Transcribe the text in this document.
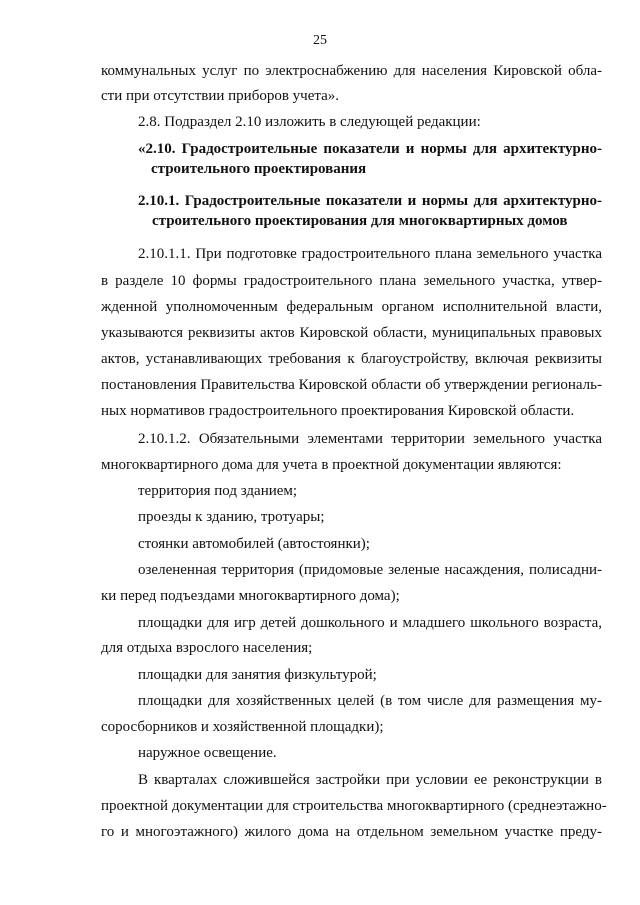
25
коммунальных услуг по электроснабжению для населения Кировской обла-
сти при отсутствии приборов учета».
2.8. Подраздел 2.10 изложить в следующей редакции:
«2.10. Градостроительные показатели и нормы для архитектурно-
строительного проектирования
2.10.1. Градостроительные показатели и нормы для архитектурно-
строительного проектирования для многоквартирных домов
2.10.1.1. При подготовке градостроительного плана земельного участка
в разделе 10 формы градостроительного плана земельного участка, утвер-
жденной уполномоченным федеральным органом исполнительной власти,
указываются реквизиты актов Кировской области, муниципальных правовых
актов, устанавливающих требования к благоустройству, включая реквизиты
постановления Правительства Кировской области об утверждении региональ-
ных нормативов градостроительного проектирования Кировской области.
2.10.1.2. Обязательными элементами территории земельного участка
многоквартирного дома для учета в проектной документации являются:
территория под зданием;
проезды к зданию, тротуары;
стоянки автомобилей (автостоянки);
озелененная территория (придомовые зеленые насаждения, полисадни-
ки перед подъездами многоквартирного дома);
площадки для игр детей дошкольного и младшего школьного возраста,
для отдыха взрослого населения;
площадки для занятия физкультурой;
площадки для хозяйственных целей (в том числе для размещения му-
соросборников и хозяйственной площадки);
наружное освещение.
В кварталах сложившейся застройки при условии ее реконструкции в
проектной документации для строительства многоквартирного (среднеэтажно-
го и многоэтажного) жилого дома на отдельном земельном участке преду-
